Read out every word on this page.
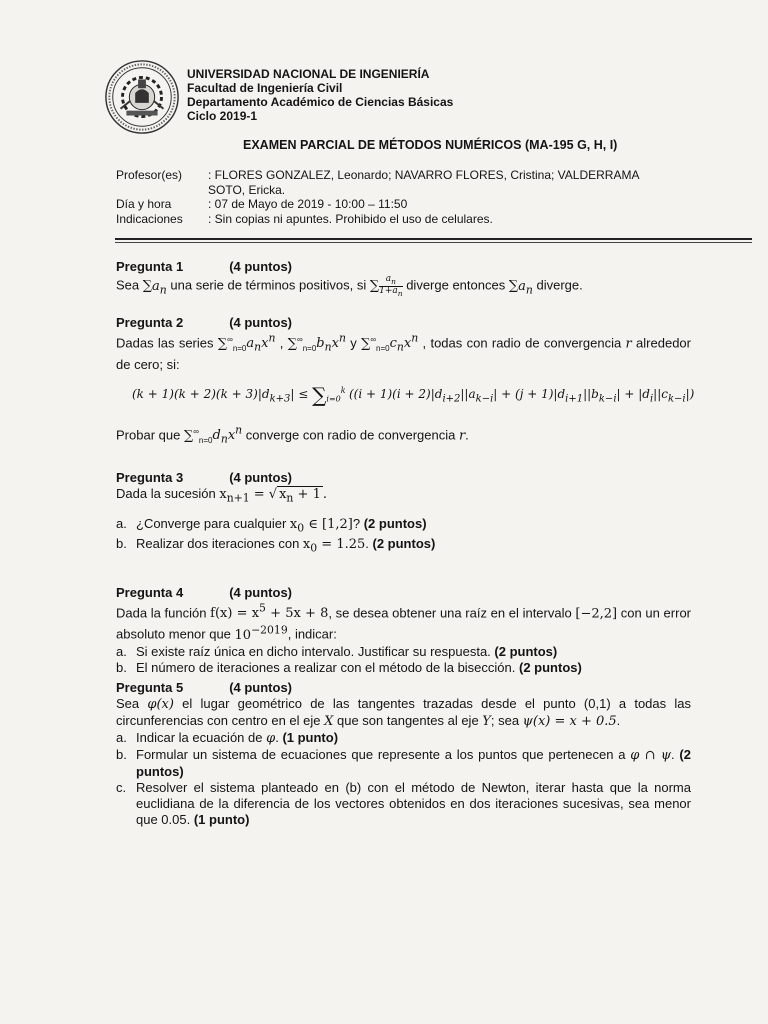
UNIVERSIDAD NACIONAL DE INGENIERÍA
Facultad de Ingeniería Civil
Departamento Académico de Ciencias Básicas
Ciclo 2019-1
EXAMEN PARCIAL DE MÉTODOS NUMÉRICOS (MA-195 G, H, I)
Profesor(es)	: FLORES GONZALEZ, Leonardo; NAVARRO FLORES, Cristina; VALDERRAMA SOTO, Ericka.
Día y hora	: 07 de Mayo de 2019 - 10:00 – 11:50
Indicaciones	: Sin copias ni apuntes. Prohibido el uso de celulares.
Pregunta 1	(4 puntos)
Sea $\sum a_n$ una serie de términos positivos, si ∑ $\frac{a_n}{1+a_n}$ diverge entonces $\sum a_n$ diverge.
Pregunta 2	(4 puntos)
Dadas las series $\sum^\infty_{n=0}a_nx^n$ , $\sum^\infty_{n=0}b_nx^n$ y $\sum^\infty_{n=0}c_nx^n$ , todas con radio de convergencia r alrededor de cero; si:
$(k + 1)(k + 2)(k + 3)|d_{k+3}| \le \sum_{i=0}^k$ $((i + 1)(i + 2)|d_{i+2}||a_{k-i}| + (j + 1)|d_{i+1}||b_{k-i}| + |d_i||c_{k-i}|)$
Probar que $\sum^\infty_{n=0}d_nx^n$ converge con radio de convergencia r.
Pregunta 3	(4 puntos)
Dada la sucesión $x_{n+1}$ = √ $x_n + 1$ .
a. ¿Converge para cualquier $x_0$ ∈ [1,2]? (2 puntos)
b. Realizar dos iteraciones con $x_0 = 1.25$. (2 puntos)
Pregunta 4	(4 puntos)
Dada la función $f(x) = x^5 + 5x + 8$, se desea obtener una raíz en el intervalo [−2,2] con un error absoluto menor que $10^{-2019}$, indicar:
a. Si existe raíz única en dicho intervalo. Justificar su respuesta. (2 puntos)
b. El número de iteraciones a realizar con el método de la bisección. (2 puntos)
Pregunta 5	(4 puntos)
Sea φ(x) el lugar geométrico de las tangentes trazadas desde el punto (0,1) a todas las circunferencias con centro en el eje X que son tangentes al eje Y; sea ψ(x) = x + 0.5.
a. Indicar la ecuación de φ. (1 punto)
b. Formular un sistema de ecuaciones que represente a los puntos que pertenecen a φ ∩ ψ. (2 puntos)
c. Resolver el sistema planteado en (b) con el método de Newton, iterar hasta que la norma euclidiana de la diferencia de los vectores obtenidos en dos iteraciones sucesivas, sea menor que 0.05. (1 punto)
